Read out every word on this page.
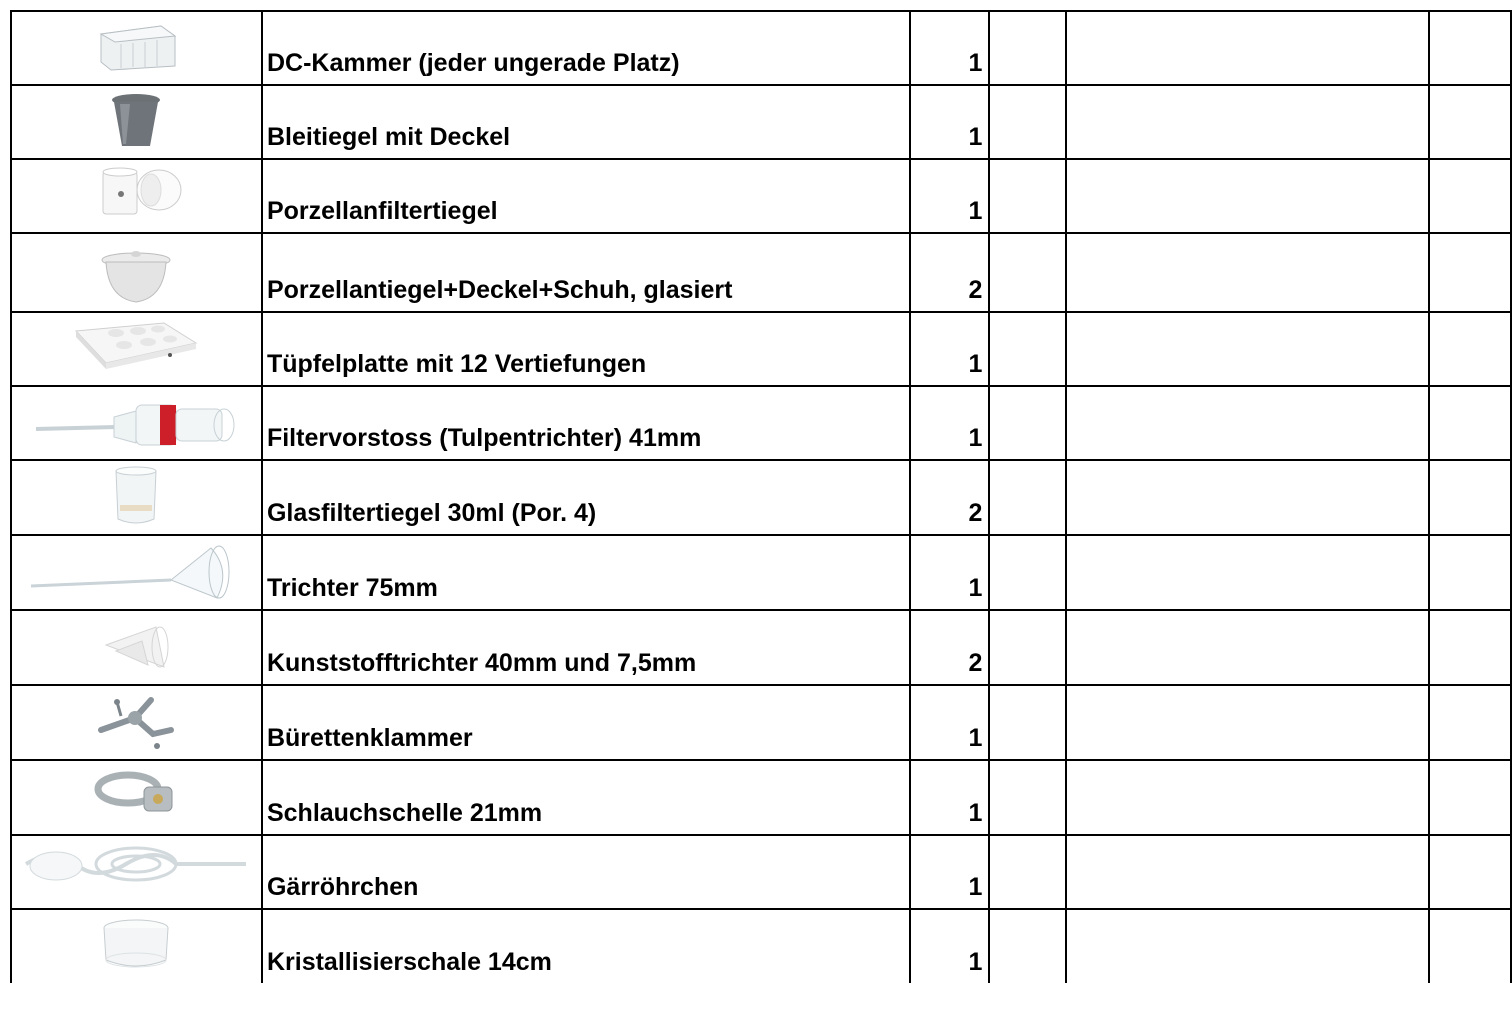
	DC-Kammer (jeder ungerade Platz)	1			

	Bleitiegel mit Deckel	1			

	Porzellanfiltertiegel	1			

	Porzellantiegel+Deckel+Schuh, glasiert	2			

	Tüpfelplatte mit 12 Vertiefungen	1			

	Filtervorstoss (Tulpentrichter) 41mm	1			

	Glasfiltertiegel 30ml (Por. 4)	2			

	Trichter 75mm	1			

	Kunststofftrichter 40mm und 7,5mm	2			

	Bürettenklammer	1			

	Schlauchschelle 21mm	1			

	Gärröhrchen	1			

	Kristallisierschale 14cm	1			
